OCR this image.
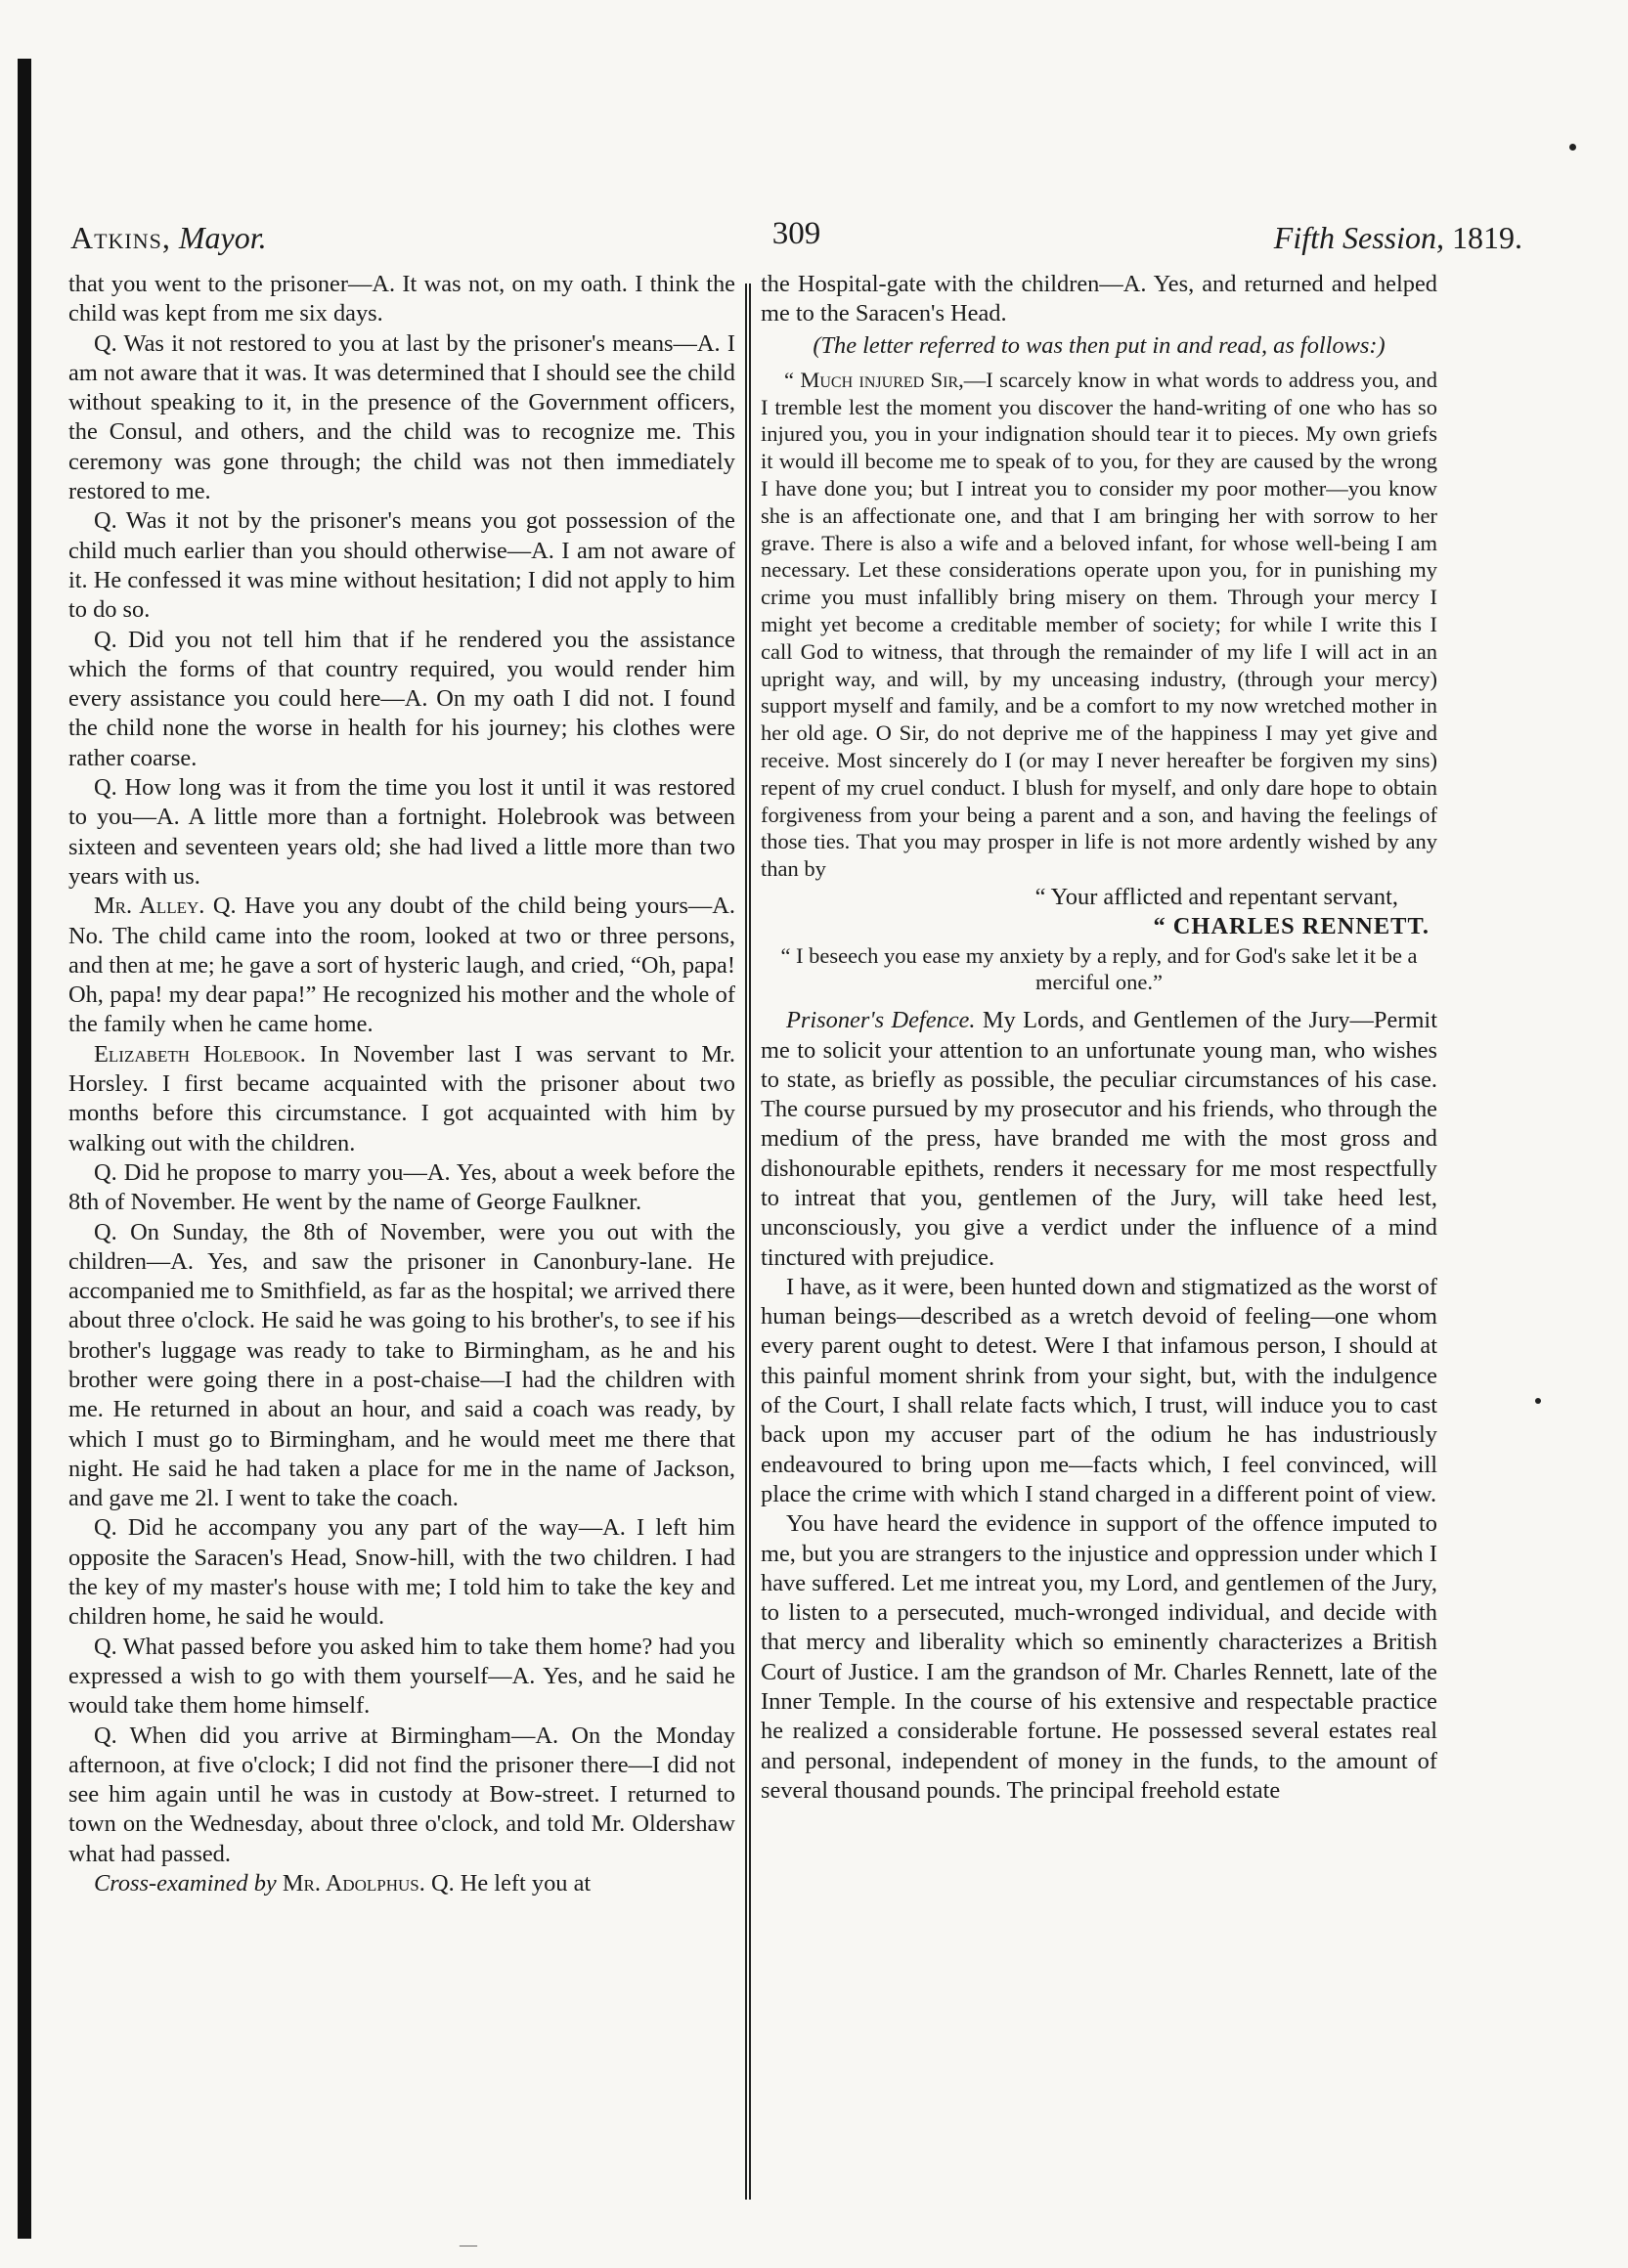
Atkins, Mayor.	309	Fifth Session, 1819.

that you went to the prisoner—A. It was not, on my oath. I think the child was kept from me six days.

Q. Was it not restored to you at last by the prisoner's means—A. I am not aware that it was. It was determined that I should see the child without speaking to it, in the presence of the Government officers, the Consul, and others, and the child was to recognize me. This ceremony was gone through; the child was not then immediately restored to me.

Q. Was it not by the prisoner's means you got possession of the child much earlier than you should otherwise—A. I am not aware of it. He confessed it was mine without hesitation; I did not apply to him to do so.

Q. Did you not tell him that if he rendered you the assistance which the forms of that country required, you would render him every assistance you could here—A. On my oath I did not. I found the child none the worse in health for his journey; his clothes were rather coarse.

Q. How long was it from the time you lost it until it was restored to you—A. A little more than a fortnight. Holebrook was between sixteen and seventeen years old; she had lived a little more than two years with us.

Mr. Alley. Q. Have you any doubt of the child being yours—A. No. The child came into the room, looked at two or three persons, and then at me; he gave a sort of hysteric laugh, and cried, “Oh, papa! Oh, papa! my dear papa!” He recognized his mother and the whole of the family when he came home.

Elizabeth Holebook. In November last I was servant to Mr. Horsley. I first became acquainted with the prisoner about two months before this circumstance. I got acquainted with him by walking out with the children.

Q. Did he propose to marry you—A. Yes, about a week before the 8th of November. He went by the name of George Faulkner.

Q. On Sunday, the 8th of November, were you out with the children—A. Yes, and saw the prisoner in Canonbury-lane. He accompanied me to Smithfield, as far as the hospital; we arrived there about three o'clock. He said he was going to his brother's, to see if his brother's luggage was ready to take to Birmingham, as he and his brother were going there in a post-chaise—I had the children with me. He returned in about an hour, and said a coach was ready, by which I must go to Birmingham, and he would meet me there that night. He said he had taken a place for me in the name of Jackson, and gave me 2l. I went to take the coach.

Q. Did he accompany you any part of the way—A. I left him opposite the Saracen's Head, Snow-hill, with the two children. I had the key of my master's house with me; I told him to take the key and children home, he said he would.

Q. What passed before you asked him to take them home? had you expressed a wish to go with them yourself—A. Yes, and he said he would take them home himself.

Q. When did you arrive at Birmingham—A. On the Monday afternoon, at five o'clock; I did not find the prisoner there—I did not see him again until he was in custody at Bow-street. I returned to town on the Wednesday, about three o'clock, and told Mr. Oldershaw what had passed.

Cross-examined by Mr. Adolphus. Q. He left you at

the Hospital-gate with the children—A. Yes, and returned and helped me to the Saracen's Head.

(The letter referred to was then put in and read, as follows:)

“ Much injured Sir,—I scarcely know in what words to address you, and I tremble lest the moment you discover the hand-writing of one who has so injured you, you in your indignation should tear it to pieces. My own griefs it would ill become me to speak of to you, for they are caused by the wrong I have done you; but I intreat you to consider my poor mother—you know she is an affectionate one, and that I am bringing her with sorrow to her grave. There is also a wife and a beloved infant, for whose well-being I am necessary. Let these considerations operate upon you, for in punishing my crime you must infallibly bring misery on them. Through your mercy I might yet become a creditable member of society; for while I write this I call God to witness, that through the remainder of my life I will act in an upright way, and will, by my unceasing industry, (through your mercy) support myself and family, and be a comfort to my now wretched mother in her old age. O Sir, do not deprive me of the happiness I may yet give and receive. Most sincerely do I (or may I never hereafter be forgiven my sins) repent of my cruel conduct. I blush for myself, and only dare hope to obtain forgiveness from your being a parent and a son, and having the feelings of those ties. That you may prosper in life is not more ardently wished by any than by

“ Your afflicted and repentant servant,

“ CHARLES RENNETT.

“ I beseech you ease my anxiety by a reply, and for God's sake let it be a merciful one.”

Prisoner's Defence. My Lords, and Gentlemen of the Jury—Permit me to solicit your attention to an unfortunate young man, who wishes to state, as briefly as possible, the peculiar circumstances of his case. The course pursued by my prosecutor and his friends, who through the medium of the press, have branded me with the most gross and dishonourable epithets, renders it necessary for me most respectfully to intreat that you, gentlemen of the Jury, will take heed lest, unconsciously, you give a verdict under the influence of a mind tinctured with prejudice.

I have, as it were, been hunted down and stigmatized as the worst of human beings—described as a wretch devoid of feeling—one whom every parent ought to detest. Were I that infamous person, I should at this painful moment shrink from your sight, but, with the indulgence of the Court, I shall relate facts which, I trust, will induce you to cast back upon my accuser part of the odium he has industriously endeavoured to bring upon me—facts which, I feel convinced, will place the crime with which I stand charged in a different point of view.

You have heard the evidence in support of the offence imputed to me, but you are strangers to the injustice and oppression under which I have suffered. Let me intreat you, my Lord, and gentlemen of the Jury, to listen to a persecuted, much-wronged individual, and decide with that mercy and liberality which so eminently characterizes a British Court of Justice. I am the grandson of Mr. Charles Rennett, late of the Inner Temple. In the course of his extensive and respectable practice he realized a considerable fortune. He possessed several estates real and personal, independent of money in the funds, to the amount of several thousand pounds. The principal freehold estate

—
